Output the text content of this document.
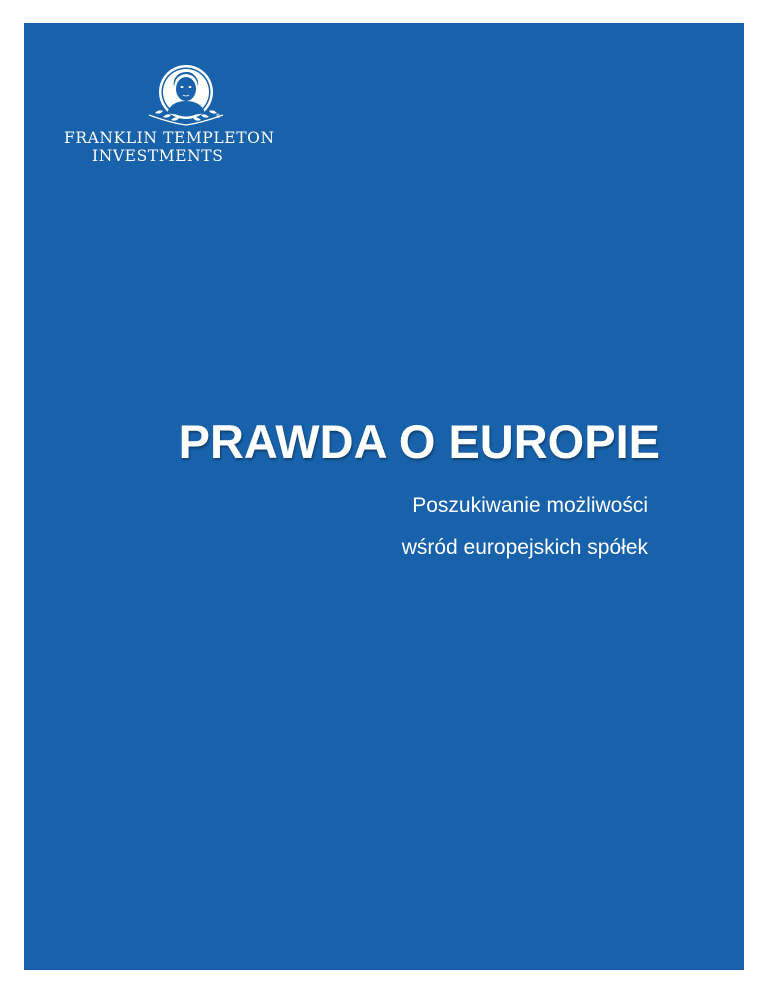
®
FRANKLIN TEMPLETON
INVESTMENTS
PRAWDA O EUROPIE
Poszukiwanie możliwości
wśród europejskich spółek
